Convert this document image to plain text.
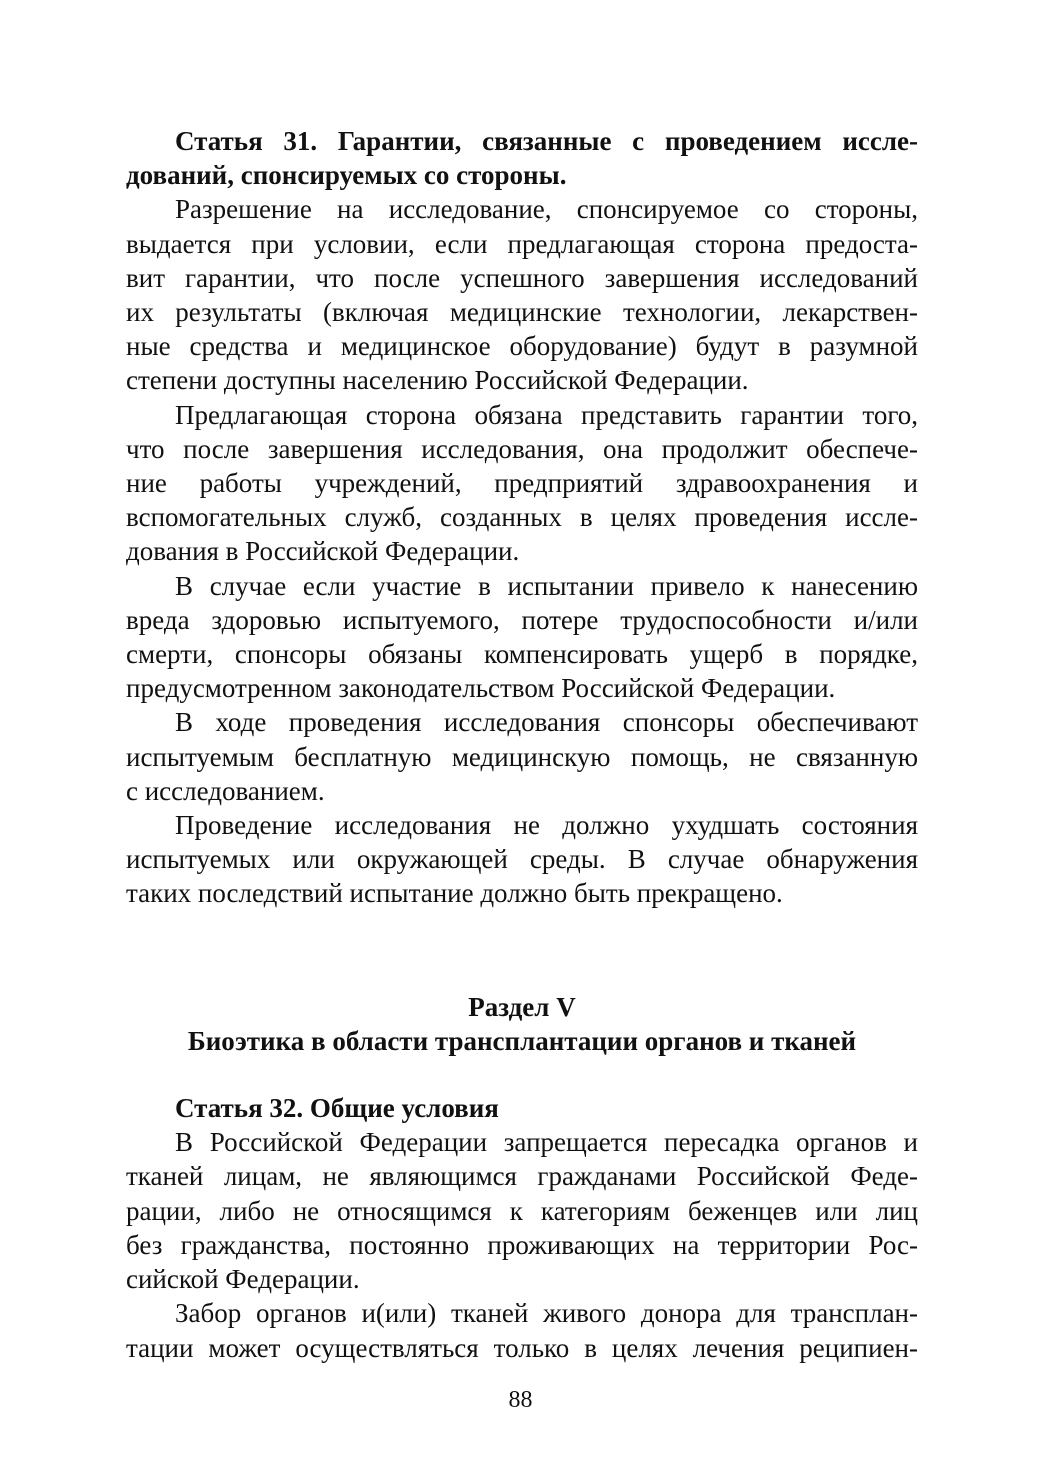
Статья 31. Гарантии, связанные с проведением иссле-
дований, спонсируемых со стороны.
Разрешение на исследование, спонсируемое со стороны,
выдается при условии, если предлагающая сторона предоста-
вит гарантии, что после успешного завершения исследований
их результаты (включая медицинские технологии, лекарствен-
ные средства и медицинское оборудование) будут в разумной
степени доступны населению Российской Федерации.
Предлагающая сторона обязана представить гарантии того,
что после завершения исследования, она продолжит обеспече-
ние работы учреждений, предприятий здравоохранения и
вспомогательных служб, созданных в целях проведения иссле-
дования в Российской Федерации.
В случае если участие в испытании привело к нанесению
вреда здоровью испытуемого, потере трудоспособности и/или
смерти, спонсоры обязаны компенсировать ущерб в порядке,
предусмотренном законодательством Российской Федерации.
В ходе проведения исследования спонсоры обеспечивают
испытуемым бесплатную медицинскую помощь, не связанную
с исследованием.
Проведение исследования не должно ухудшать состояния
испытуемых или окружающей среды. В случае обнаружения
таких последствий испытание должно быть прекращено.
Раздел V
Биоэтика в области трансплантации органов и тканей
Статья 32. Общие условия
В Российской Федерации запрещается пересадка органов и
тканей лицам, не являющимся гражданами Российской Феде-
рации, либо не относящимся к категориям беженцев или лиц
без гражданства, постоянно проживающих на территории Рос-
сийской Федерации.
Забор органов и(или) тканей живого донора для трансплан-
тации может осуществляться только в целях лечения реципиен-
88
